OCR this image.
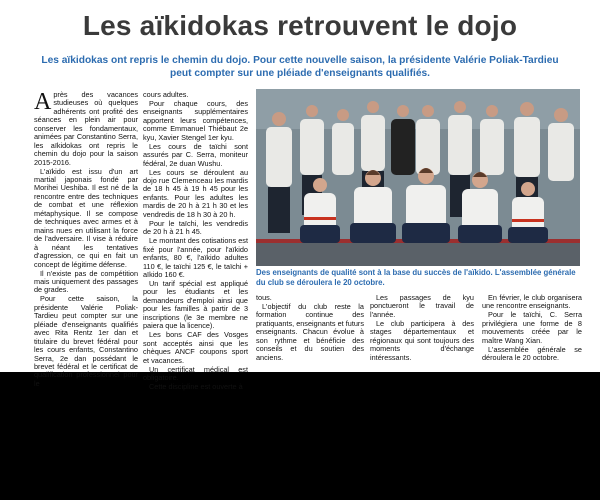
Les aïkidokas retrouvent le dojo
Les aïkidokas ont repris le chemin du dojo. Pour cette nouvelle saison, la présidente Valérie Poliak-Tardieu peut compter sur une pléiade d'enseignants qualifiés.

Après des vacances studieuses où quelques adhérents ont profité des séances en plein air pour conserver les fondamentaux, animées par Constantino Serra, les aïkidokas ont repris le chemin du dojo pour la saison 2015-2016.

L'aïkido est issu d'un art martial japonais fondé par Morihei Ueshiba. Il est né de la rencontre entre des techniques de combat et une réflexion métaphysique. Il se compose de techniques avec armes et à mains nues en utilisant la force de l'adversaire. Il vise à réduire à néant les tentatives d'agression, ce qui en fait un concept de légitime défense.

Il n'existe pas de compétition mais uniquement des passages de grades.

Pour cette saison, la présidente Valérie Poliak-Tardieu peut compter sur une pléiade d'enseignants qualifiés avec Rita Rentz 1er dan et titulaire du brevet fédéral pour les cours enfants, Constantino Serra, 2e dan possédant le brevet fédéral et le certificat de qualification professionnel pour le

cours adultes.

Pour chaque cours, des enseignants supplémentaires apportent leurs compétences, comme Emmanuel Thiébaut 2e kyu, Xavier Stengel 1er kyu.

Les cours de taïchi sont assurés par C. Serra, moniteur fédéral, 2e duan Wushu.

Les cours se déroulent au dojo rue Clemenceau les mardis de 18 h 45 à 19 h 45 pour les enfants. Pour les adultes les mardis de 20 h à 21 h 30 et les vendredis de 18 h 30 à 20 h.

Pour le taïchi, les vendredis de 20 h à 21 h 45.

Le montant des cotisations est fixé pour l'année, pour l'aïkido enfants, 80 €, l'aïkido adultes 110 €, le taïchi 125 €, le taïchi + aïkido 160 €.

Un tarif spécial est appliqué pour les étudiants et les demandeurs d'emploi ainsi que pour les familles à partir de 3 inscriptions (le 3e membre ne paiera que la licence).

Les bons CAF des Vosges sont acceptés ainsi que les chèques ANCF coupons sport et vacances.

Un certificat médical est obligatoire.

Cette discipline est ouverte à

Des enseignants de qualité sont à la base du succès de l'aïkido. L'assemblée générale du club se déroulera le 20 octobre.

tous.

L'objectif du club reste la formation continue des pratiquants, enseignants et futurs enseignants. Chacun évolue à son rythme et bénéficie des conseils et du soutien des anciens.

Les passages de kyu ponctueront le travail de l'année.

Le club participera à des stages départementaux et régionaux qui sont toujours des moments d'échange intéressants.

En février, le club organisera une rencontre enseignants.

Pour le taïchi, C. Serra privilégiera une forme de 8 mouvements créée par le maître Wang Xian.

L'assemblée générale se déroulera le 20 octobre.
